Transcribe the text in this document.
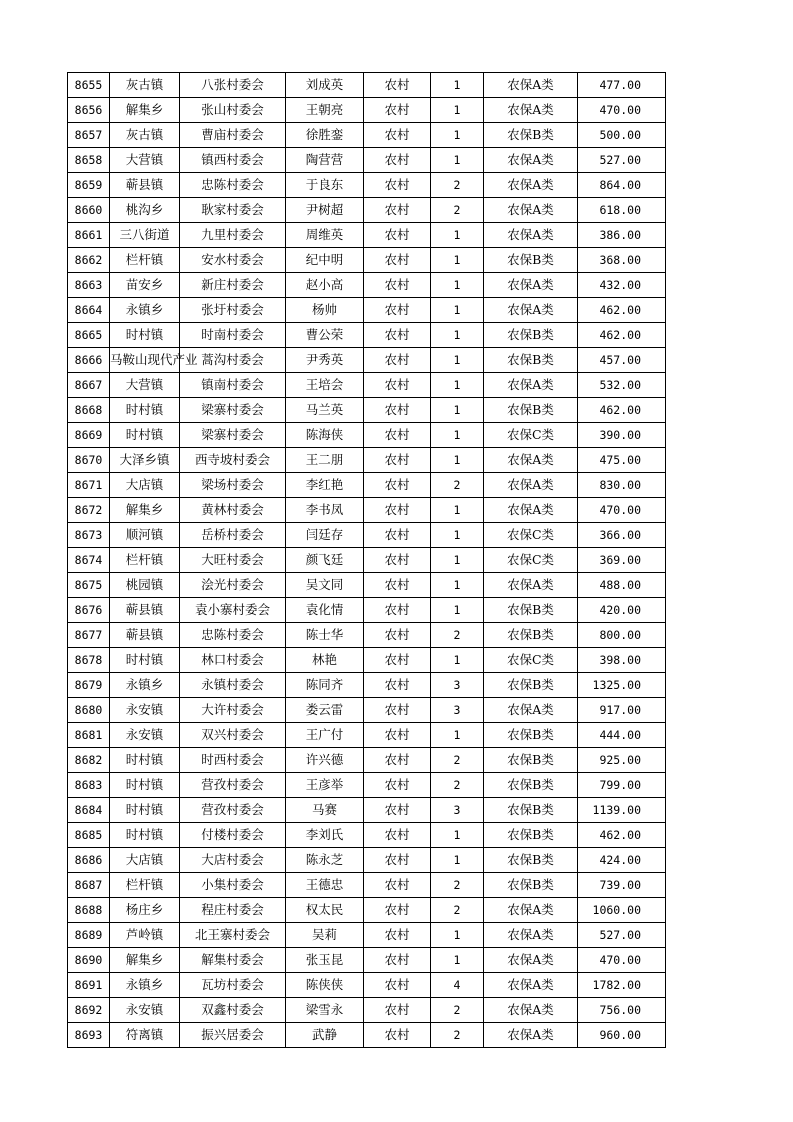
8655	灰古镇	八张村委会	刘成英	农村	1	农保A类	477.00
8656	解集乡	张山村委会	王朝亮	农村	1	农保A类	470.00
8657	灰古镇	曹庙村委会	徐胜銮	农村	1	农保B类	500.00
8658	大营镇	镇西村委会	陶营营	农村	1	农保A类	527.00
8659	蕲县镇	忠陈村委会	于良东	农村	2	农保A类	864.00
8660	桃沟乡	耿家村委会	尹树超	农村	2	农保A类	618.00
8661	三八街道	九里村委会	周维英	农村	1	农保A类	386.00
8662	栏杆镇	安水村委会	纪中明	农村	1	农保B类	368.00
8663	苗安乡	新庄村委会	赵小高	农村	1	农保A类	432.00
8664	永镇乡	张圩村委会	杨帅	农村	1	农保A类	462.00
8665	时村镇	时南村委会	曹公荣	农村	1	农保B类	462.00
8666	马鞍山现代产业	蒿沟村委会	尹秀英	农村	1	农保B类	457.00
8667	大营镇	镇南村委会	王培会	农村	1	农保A类	532.00
8668	时村镇	梁寨村委会	马兰英	农村	1	农保B类	462.00
8669	时村镇	梁寨村委会	陈海侠	农村	1	农保C类	390.00
8670	大泽乡镇	西寺坡村委会	王二朋	农村	1	农保A类	475.00
8671	大店镇	梁场村委会	李红艳	农村	2	农保A类	830.00
8672	解集乡	黄林村委会	李书凤	农村	1	农保A类	470.00
8673	顺河镇	岳桥村委会	闫廷存	农村	1	农保C类	366.00
8674	栏杆镇	大旺村委会	颜飞廷	农村	1	农保C类	369.00
8675	桃园镇	浍光村委会	吴文同	农村	1	农保A类	488.00
8676	蕲县镇	袁小寨村委会	袁化情	农村	1	农保B类	420.00
8677	蕲县镇	忠陈村委会	陈士华	农村	2	农保B类	800.00
8678	时村镇	林口村委会	林艳	农村	1	农保C类	398.00
8679	永镇乡	永镇村委会	陈同齐	农村	3	农保B类	1325.00
8680	永安镇	大许村委会	娄云雷	农村	3	农保A类	917.00
8681	永安镇	双兴村委会	王广付	农村	1	农保B类	444.00
8682	时村镇	时西村委会	许兴德	农村	2	农保B类	925.00
8683	时村镇	营孜村委会	王彦举	农村	2	农保B类	799.00
8684	时村镇	营孜村委会	马赛	农村	3	农保B类	1139.00
8685	时村镇	付楼村委会	李刘氏	农村	1	农保B类	462.00
8686	大店镇	大店村委会	陈永芝	农村	1	农保B类	424.00
8687	栏杆镇	小集村委会	王德忠	农村	2	农保B类	739.00
8688	杨庄乡	程庄村委会	权太民	农村	2	农保A类	1060.00
8689	芦岭镇	北王寨村委会	吴莉	农村	1	农保A类	527.00
8690	解集乡	解集村委会	张玉昆	农村	1	农保A类	470.00
8691	永镇乡	瓦坊村委会	陈侠侠	农村	4	农保A类	1782.00
8692	永安镇	双鑫村委会	梁雪永	农村	2	农保A类	756.00
8693	符离镇	振兴居委会	武静	农村	2	农保A类	960.00
